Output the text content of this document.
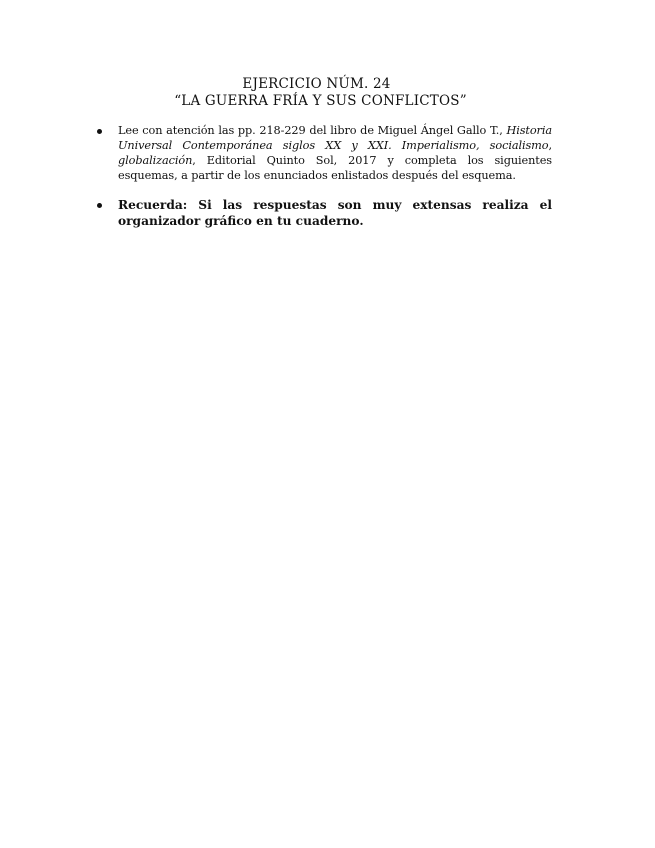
EJERCICIO NÚM. 24
“LA GUERRA FRÍA Y SUS CONFLICTOS”
Lee con atención las pp. 218-229 del libro de Miguel Ángel Gallo T., Historia Universal Contemporánea siglos XX y XXI. Imperialismo, socialismo, globalización, Editorial Quinto Sol, 2017 y completa los siguientes esquemas, a partir de los enunciados enlistados después del esquema.
Recuerda: Si las respuestas son muy extensas realiza el organizador gráfico en tu cuaderno.
